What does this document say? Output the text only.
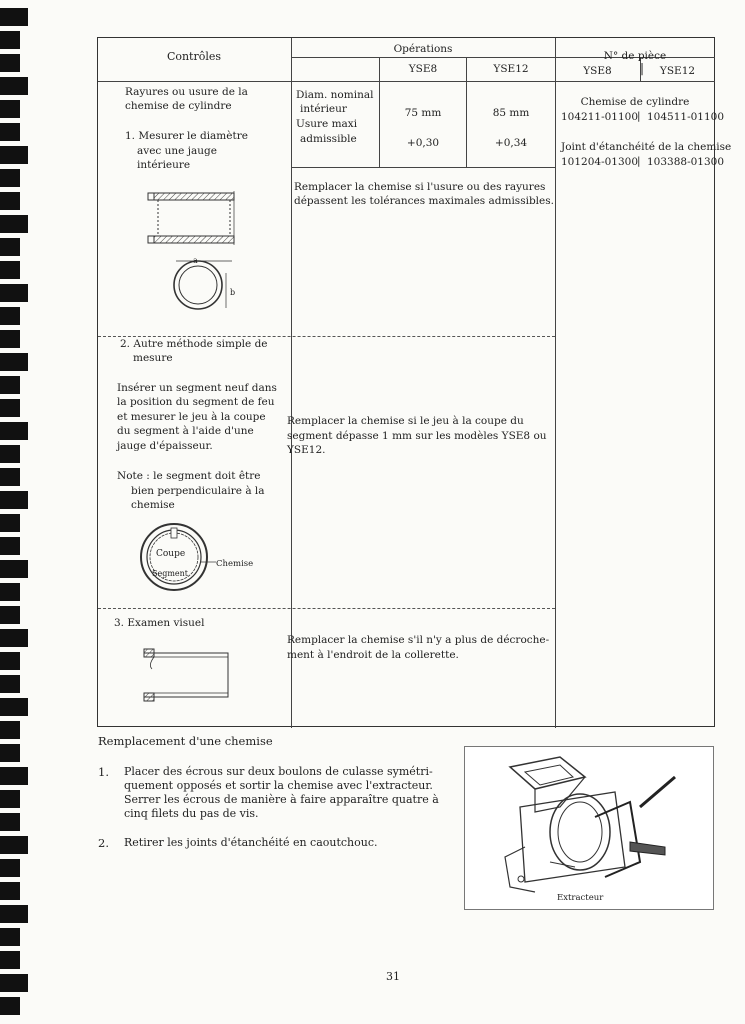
Contrôles
Opérations
YSE8	YSE12
N° de pièce
YSE8	|	YSE12
Rayures ou usure de la
chemise de cylindre
1. Mesurer le diamètre
avec une jauge
intérieure
a
b
Diam. nominal
intérieur
Usure maxi
admissible
75 mm	85 mm
+0,30	+0,34
Remplacer la chemise si l'usure ou des rayures
dépassent les tolérances maximales admissibles.
Chemise de cylindre
104211-01100
| 104511-01100
Joint d'étanchéité de la chemise
101204-01300
| 103388-01300
2. Autre méthode simple de
mesure
Insérer un segment neuf dans
la position du segment de feu
et mesurer le jeu à la coupe
du segment à l'aide d'une
jauge d'épaisseur.
Note : le segment doit être
bien perpendiculaire à la
chemise
Coupe
Segment
Chemise
Remplacer la chemise si le jeu à la coupe du
segment dépasse 1 mm sur les modèles YSE8 ou
YSE12.
3. Examen visuel
Remplacer la chemise s'il n'y a plus de décroche-
ment à l'endroit de la collerette.
Remplacement d'une chemise
1. Placer des écrous sur deux boulons de culasse symétri-
quement opposés et sortir la chemise avec l'extracteur.
Serrer les écrous de manière à faire apparaître quatre à
cinq filets du pas de vis.
2. Retirer les joints d'étanchéité en caoutchouc.
Extracteur
31
